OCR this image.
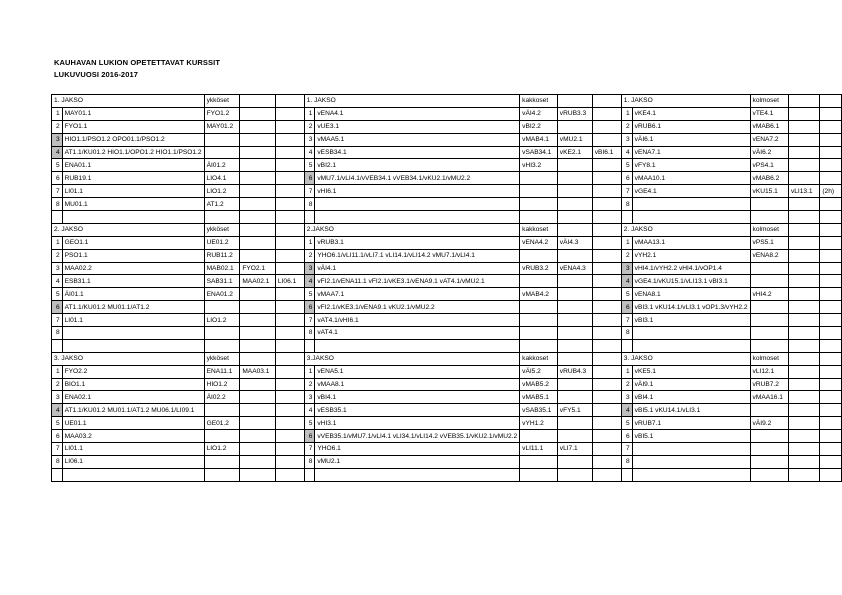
KAUHAVAN LUKION OPETETTAVAT KURSSIT
LUKUVUOSI 2016-2017
1. JAKSO		ykköset			1. JAKSO		kakkoset			1. JAKSO		kolmoset		
1	MAY01.1	FYO1.2			1	vENA4.1	vÄI4.2	vRUB3.3		1	vKE4.1	vTE4.1		
2	FYO1.1	MAY01.2			2	vUE3.1	vBI2.2			2	vRUB6.1	vMAB6.1		
3	HIO1.1/PSO1.2 OPO01.1/PSO1.2				3	vMAA5.1	vMAB4.1	vMU2.1		3	vÄI6.1	vENA7.2		
4	AT1.1/KU01.2 HIO1.1/OPO1.2 HIO1.1/PSO1.2				4	vESB34.1	vSAB34.1	vKE2.1	vBI6.1	4	vENA7.1	vÄI6.2		
5	ENA01.1	ÄI01.2			5	vBI2.1	vHI3.2			5	vFY8.1	vPS4.1		
6	RUB19.1	LIO4.1			6	vMU7.1/vLI4.1/vVEB34.1 vVEB34.1/vKU2.1/vMU2.2				6	vMAA10.1	vMAB6.2		
7	LI01.1	LIO1.2			7	vHI6.1				7	vGE4.1	vKU15.1	vLI13.1	(2h)
8	MU01.1	AT1.2			8					8				

2. JAKSO		ykköset			2.JAKSO		kakkoset			2. JAKSO		kolmoset		
1	GEO1.1	UE01.2			1	vRUB3.1	vENA4.2	vÄI4.3		1	vMAA13.1	vPS5.1		
2	PSO1.1	RUB11.2			2	YHO6.1/vLI11.1/vLI7.1 vLI14.1/vLI14.2 vMU7.1/vLI4.1				2	vYH2.1	vENA8.2		
3	MAA02.2	MAB02.1	FYO2.1		3	vÄI4.1	vRUB3.2	vENA4.3		3	vHI4.1/vYH2.2 vHI4.1/vOP1.4			
4	ESB31.1	SAB31.1	MAA02.1	LI06.1	4	vFI2.1/vENA11.1 vFI2.1/vKE3.1/vENA9.1 vAT4.1/vMU2.1				4	vGE4.1/vKU15.1/vLI13.1 vBI3.1			
5	ÄI01.1	ENA01.2			5	vMAA7.1	vMAB4.2			5	vENA8.1	vHI4.2		
6	AT1.1/KU01.2 MU01.1/AT1.2				6	vFI2.1/vKE3.1/vENA9.1 vKU2.1/vMU2.2				6	vBI3.1 vKU14.1/vLI3.1 vOP1.3/vYH2.2			
7	LI01.1	LIO1.2			7	vAT4.1/vHI6.1				7	vBI3.1			
8					8	vAT4.1				8				

3. JAKSO		ykköset			3.JAKSO		kakkoset			3. JAKSO		kolmoset		
1	FYO2.2	ENA11.1	MAA03.1		1	vENA5.1	vÄI5.2	vRUB4.3		1	vKE5.1	vLI12.1		
2	BIO1.1	HIO1.2			2	vMAA8.1	vMAB5.2			2	vÄI9.1	vRUB7.2		
3	ENA02.1	ÄI02.2			3	vBI4.1	vMAB5.1			3	vBI4.1	vMAA16.1		
4	AT1.1/KU01.2 MU01.1/AT1.2 MU06.1/LI09.1				4	vESB35.1	vSAB35.1	vFY5.1		4	vBI5.1 vKU14.1/vLI3.1			
5	UE01.1	GE01.2			5	vHI3.1	vYH1.2			5	vRUB7.1	vÄI9.2		
6	MAA03.2				6	vVEB35.1/vMU7.1/vLI4.1 vLI34.1/vLI14.2 vVEB35.1/vKU2.1/vMU2.2				6	vBI5.1			
7	LI01.1	LIO1.2			7	YHO6.1	vLI11.1	vLI7.1		7				
8	LI06.1				8	vMU2.1				8				
